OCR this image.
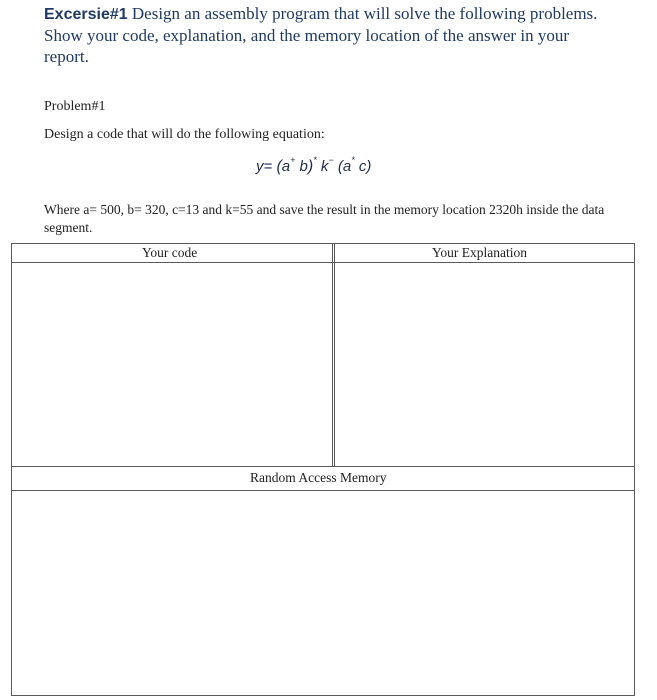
Excersie#1 Design an assembly program that will solve the following problems. Show your code, explanation, and the memory location of the answer in your report.
Problem#1
Design a code that will do the following equation:
y= (a+ b)* k− (a* c)
Where a= 500, b= 320, c=13 and k=55 and save the result in the memory location 2320h inside the data segment.
Your code	Your Explanation
Random Access Memory
